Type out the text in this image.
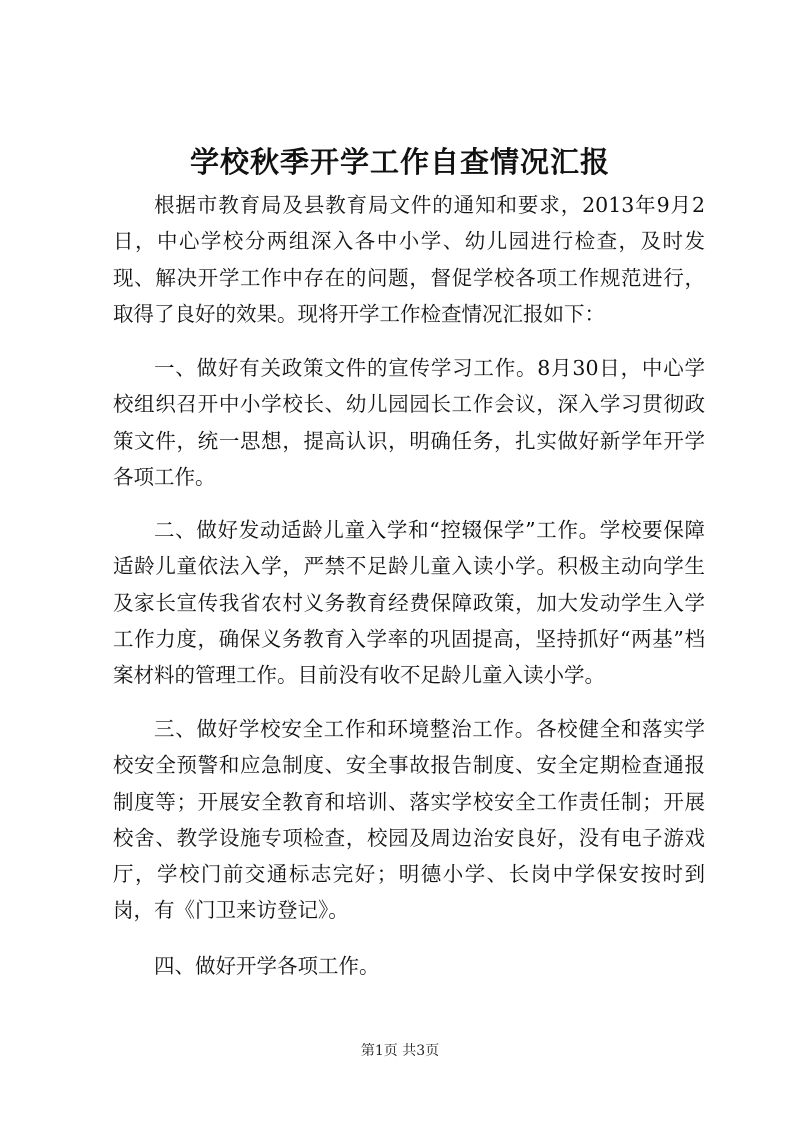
学校秋季开学工作自查情况汇报

根据市教育局及县教育局文件的通知和要求，2013年9月2日，中心学校分两组深入各中小学、幼儿园进行检查，及时发现、解决开学工作中存在的问题，督促学校各项工作规范进行，取得了良好的效果。现将开学工作检查情况汇报如下：

一、做好有关政策文件的宣传学习工作。8月30日，中心学校组织召开中小学校长、幼儿园园长工作会议，深入学习贯彻政策文件，统一思想，提高认识，明确任务，扎实做好新学年开学各项工作。

二、做好发动适龄儿童入学和“控辍保学”工作。学校要保障适龄儿童依法入学，严禁不足龄儿童入读小学。积极主动向学生及家长宣传我省农村义务教育经费保障政策，加大发动学生入学工作力度，确保义务教育入学率的巩固提高，坚持抓好“两基”档案材料的管理工作。目前没有收不足龄儿童入读小学。

三、做好学校安全工作和环境整治工作。各校健全和落实学校安全预警和应急制度、安全事故报告制度、安全定期检查通报制度等；开展安全教育和培训、落实学校安全工作责任制；开展校舍、教学设施专项检查，校园及周边治安良好，没有电子游戏厅，学校门前交通标志完好；明德小学、长岗中学保安按时到岗，有《门卫来访登记》。

四、做好开学各项工作。

第1页 共3页
